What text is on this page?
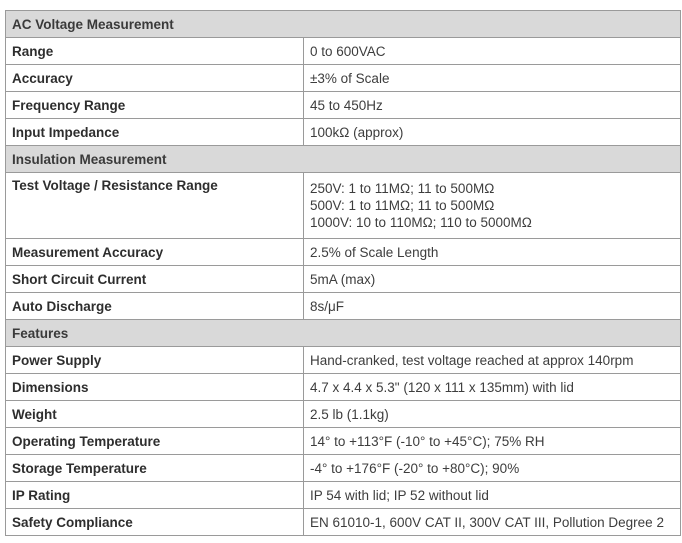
AC Voltage Measurement	
Range	0 to 600VAC
Accuracy	±3% of Scale
Frequency Range	45 to 450Hz
Input Impedance	100kΩ (approx)
Insulation Measurement	
Test Voltage / Resistance Range	250V: 1 to 11MΩ; 11 to 500MΩ
500V: 1 to 11MΩ; 11 to 500MΩ
1000V: 10 to 110MΩ; 110 to 5000MΩ

Measurement Accuracy	2.5% of Scale Length
Short Circuit Current	5mA (max)
Auto Discharge	8s/μF
Features	
Power Supply	Hand-cranked, test voltage reached at approx 140rpm
Dimensions	4.7 x 4.4 x 5.3" (120 x 111 x 135mm) with lid
Weight	2.5 lb (1.1kg)
Operating Temperature	14° to +113°F (-10° to +45°C); 75% RH
Storage Temperature	-4° to +176°F (-20° to +80°C); 90%
IP Rating	IP 54 with lid; IP 52 without lid
Safety Compliance	EN 61010-1, 600V CAT II, 300V CAT III, Pollution Degree 2
